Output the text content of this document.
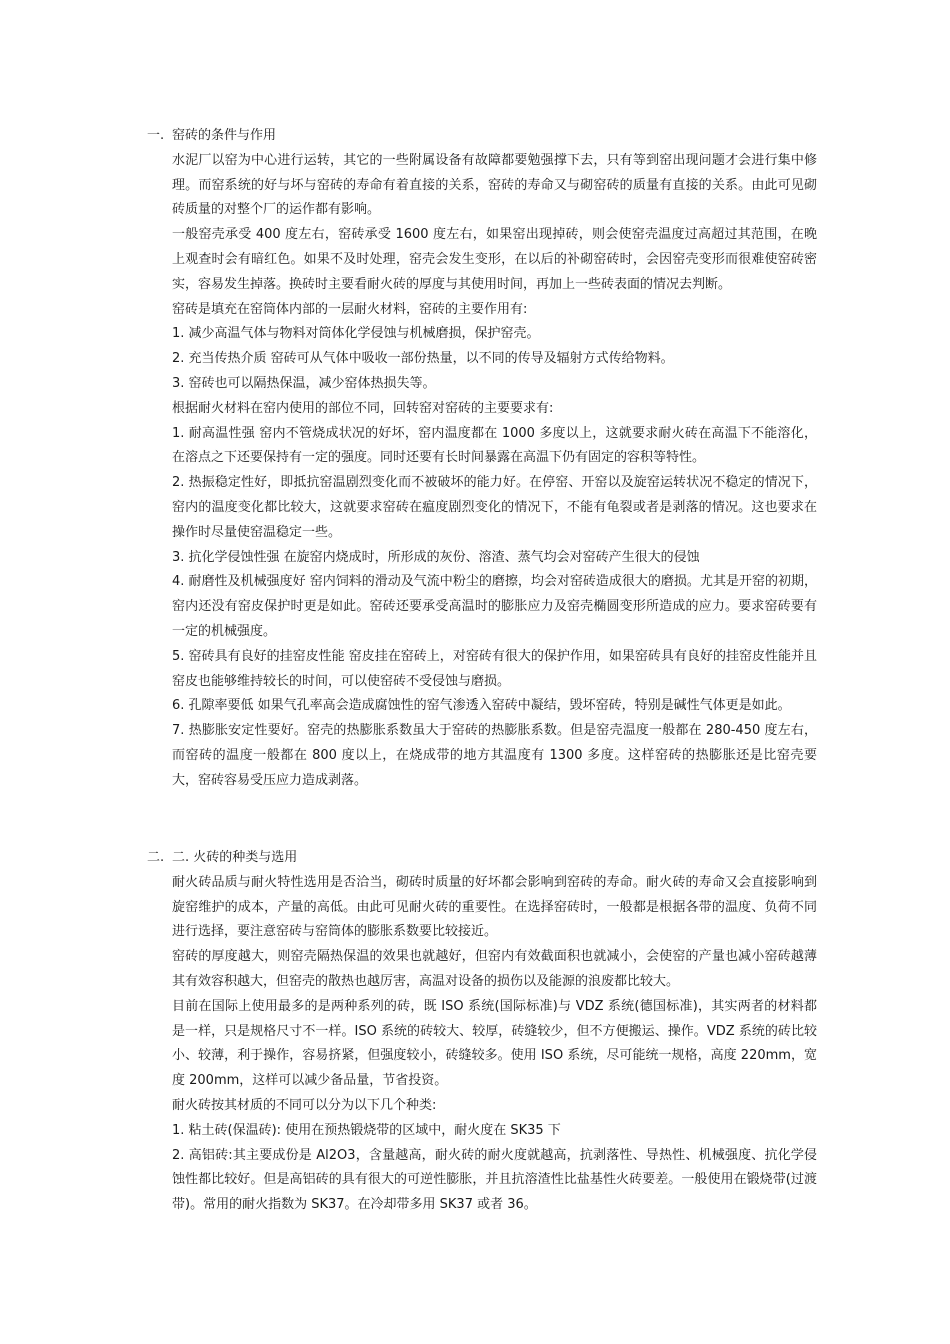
一. 窑砖的条件与作用

水泥厂以窑为中心进行运转，其它的一些附属设备有故障都要勉强撑下去，只有等到窑出现问题才会进行集中修理。而窑系统的好与坏与窑砖的寿命有着直接的关系，窑砖的寿命又与砌窑砖的质量有直接的关系。由此可见砌砖质量的对整个厂的运作都有影响。

一般窑壳承受 400 度左右，窑砖承受 1600 度左右，如果窑出现掉砖，则会使窑壳温度过高超过其范围，在晚上观查时会有暗红色。如果不及时处理，窑壳会发生变形，在以后的补砌窑砖时，会因窑壳变形而很难使窑砖密实，容易发生掉落。换砖时主要看耐火砖的厚度与其使用时间，再加上一些砖表面的情况去判断。

窑砖是填充在窑筒体内部的一层耐火材料，窑砖的主要作用有:

1. 减少高温气体与物料对筒体化学侵蚀与机械磨损，保护窑壳。

2. 充当传热介质 窑砖可从气体中吸收一部份热量，以不同的传导及辐射方式传给物料。

3. 窑砖也可以隔热保温，减少窑体热损失等。

根据耐火材料在窑内使用的部位不同，回转窑对窑砖的主要要求有:

1. 耐高温性强 窑内不管烧成状况的好坏，窑内温度都在 1000 多度以上，这就要求耐火砖在高温下不能溶化，在溶点之下还要保持有一定的强度。同时还要有长时间暴露在高温下仍有固定的容积等特性。

2. 热振稳定性好，即抵抗窑温剧烈变化而不被破坏的能力好。在停窑、开窑以及旋窑运转状况不稳定的情况下，窑内的温度变化都比较大，这就要求窑砖在瘟度剧烈变化的情况下，不能有龟裂或者是剥落的情况。这也要求在操作时尽量使窑温稳定一些。

3. 抗化学侵蚀性强 在旋窑内烧成时，所形成的灰份、溶渣、蒸气均会对窑砖产生很大的侵蚀

4. 耐磨性及机械强度好 窑内饲料的滑动及气流中粉尘的磨擦，均会对窑砖造成很大的磨损。尤其是开窑的初期，窑内还没有窑皮保护时更是如此。窑砖还要承受高温时的膨胀应力及窑壳椭圆变形所造成的应力。要求窑砖要有一定的机械强度。

5. 窑砖具有良好的挂窑皮性能 窑皮挂在窑砖上，对窑砖有很大的保护作用，如果窑砖具有良好的挂窑皮性能并且窑皮也能够维持较长的时间，可以使窑砖不受侵蚀与磨损。

6. 孔隙率要低 如果气孔率高会造成腐蚀性的窑气渗透入窑砖中凝结，毁坏窑砖，特别是碱性气体更是如此。

7. 热膨胀安定性要好。窑壳的热膨胀系数虽大于窑砖的热膨胀系数。但是窑壳温度一般都在 280-450 度左右，而窑砖的温度一般都在 800 度以上，在烧成带的地方其温度有 1300 多度。这样窑砖的热膨胀还是比窑壳要大，窑砖容易受压应力造成剥落。

二. 二. 火砖的种类与选用

耐火砖品质与耐火特性选用是否洽当，砌砖时质量的好坏都会影响到窑砖的寿命。耐火砖的寿命又会直接影响到旋窑维护的成本，产量的高低。由此可见耐火砖的重要性。在选择窑砖时，一般都是根据各带的温度、负荷不同进行选择，要注意窑砖与窑筒体的膨胀系数要比较接近。

窑砖的厚度越大，则窑壳隔热保温的效果也就越好，但窑内有效截面积也就减小，会使窑的产量也减小窑砖越薄其有效容积越大，但窑壳的散热也越厉害，高温对设备的损伤以及能源的浪废都比较大。

目前在国际上使用最多的是两种系列的砖，既 ISO 系统(国际标准)与 VDZ 系统(德国标准)，其实两者的材料都是一样，只是规格尺寸不一样。ISO 系统的砖较大、较厚，砖缝较少，但不方便搬运、操作。VDZ 系统的砖比较小、较薄，利于操作，容易挤紧，但强度较小，砖缝较多。使用 ISO 系统，尽可能统一规格，高度 220mm，宽度 200mm，这样可以减少备品量，节省投资。

耐火砖按其材质的不同可以分为以下几个种类:

1. 粘土砖(保温砖): 使用在预热锻烧带的区域中，耐火度在 SK35 下

2. 高铝砖:其主要成份是 Al2O3，含量越高，耐火砖的耐火度就越高，抗剥落性、导热性、机械强度、抗化学侵蚀性都比较好。但是高铝砖的具有很大的可逆性膨胀，并且抗溶渣性比盐基性火砖要差。一般使用在锻烧带(过渡带)。常用的耐火指数为 SK37。在冷却带多用 SK37 或者 36。
